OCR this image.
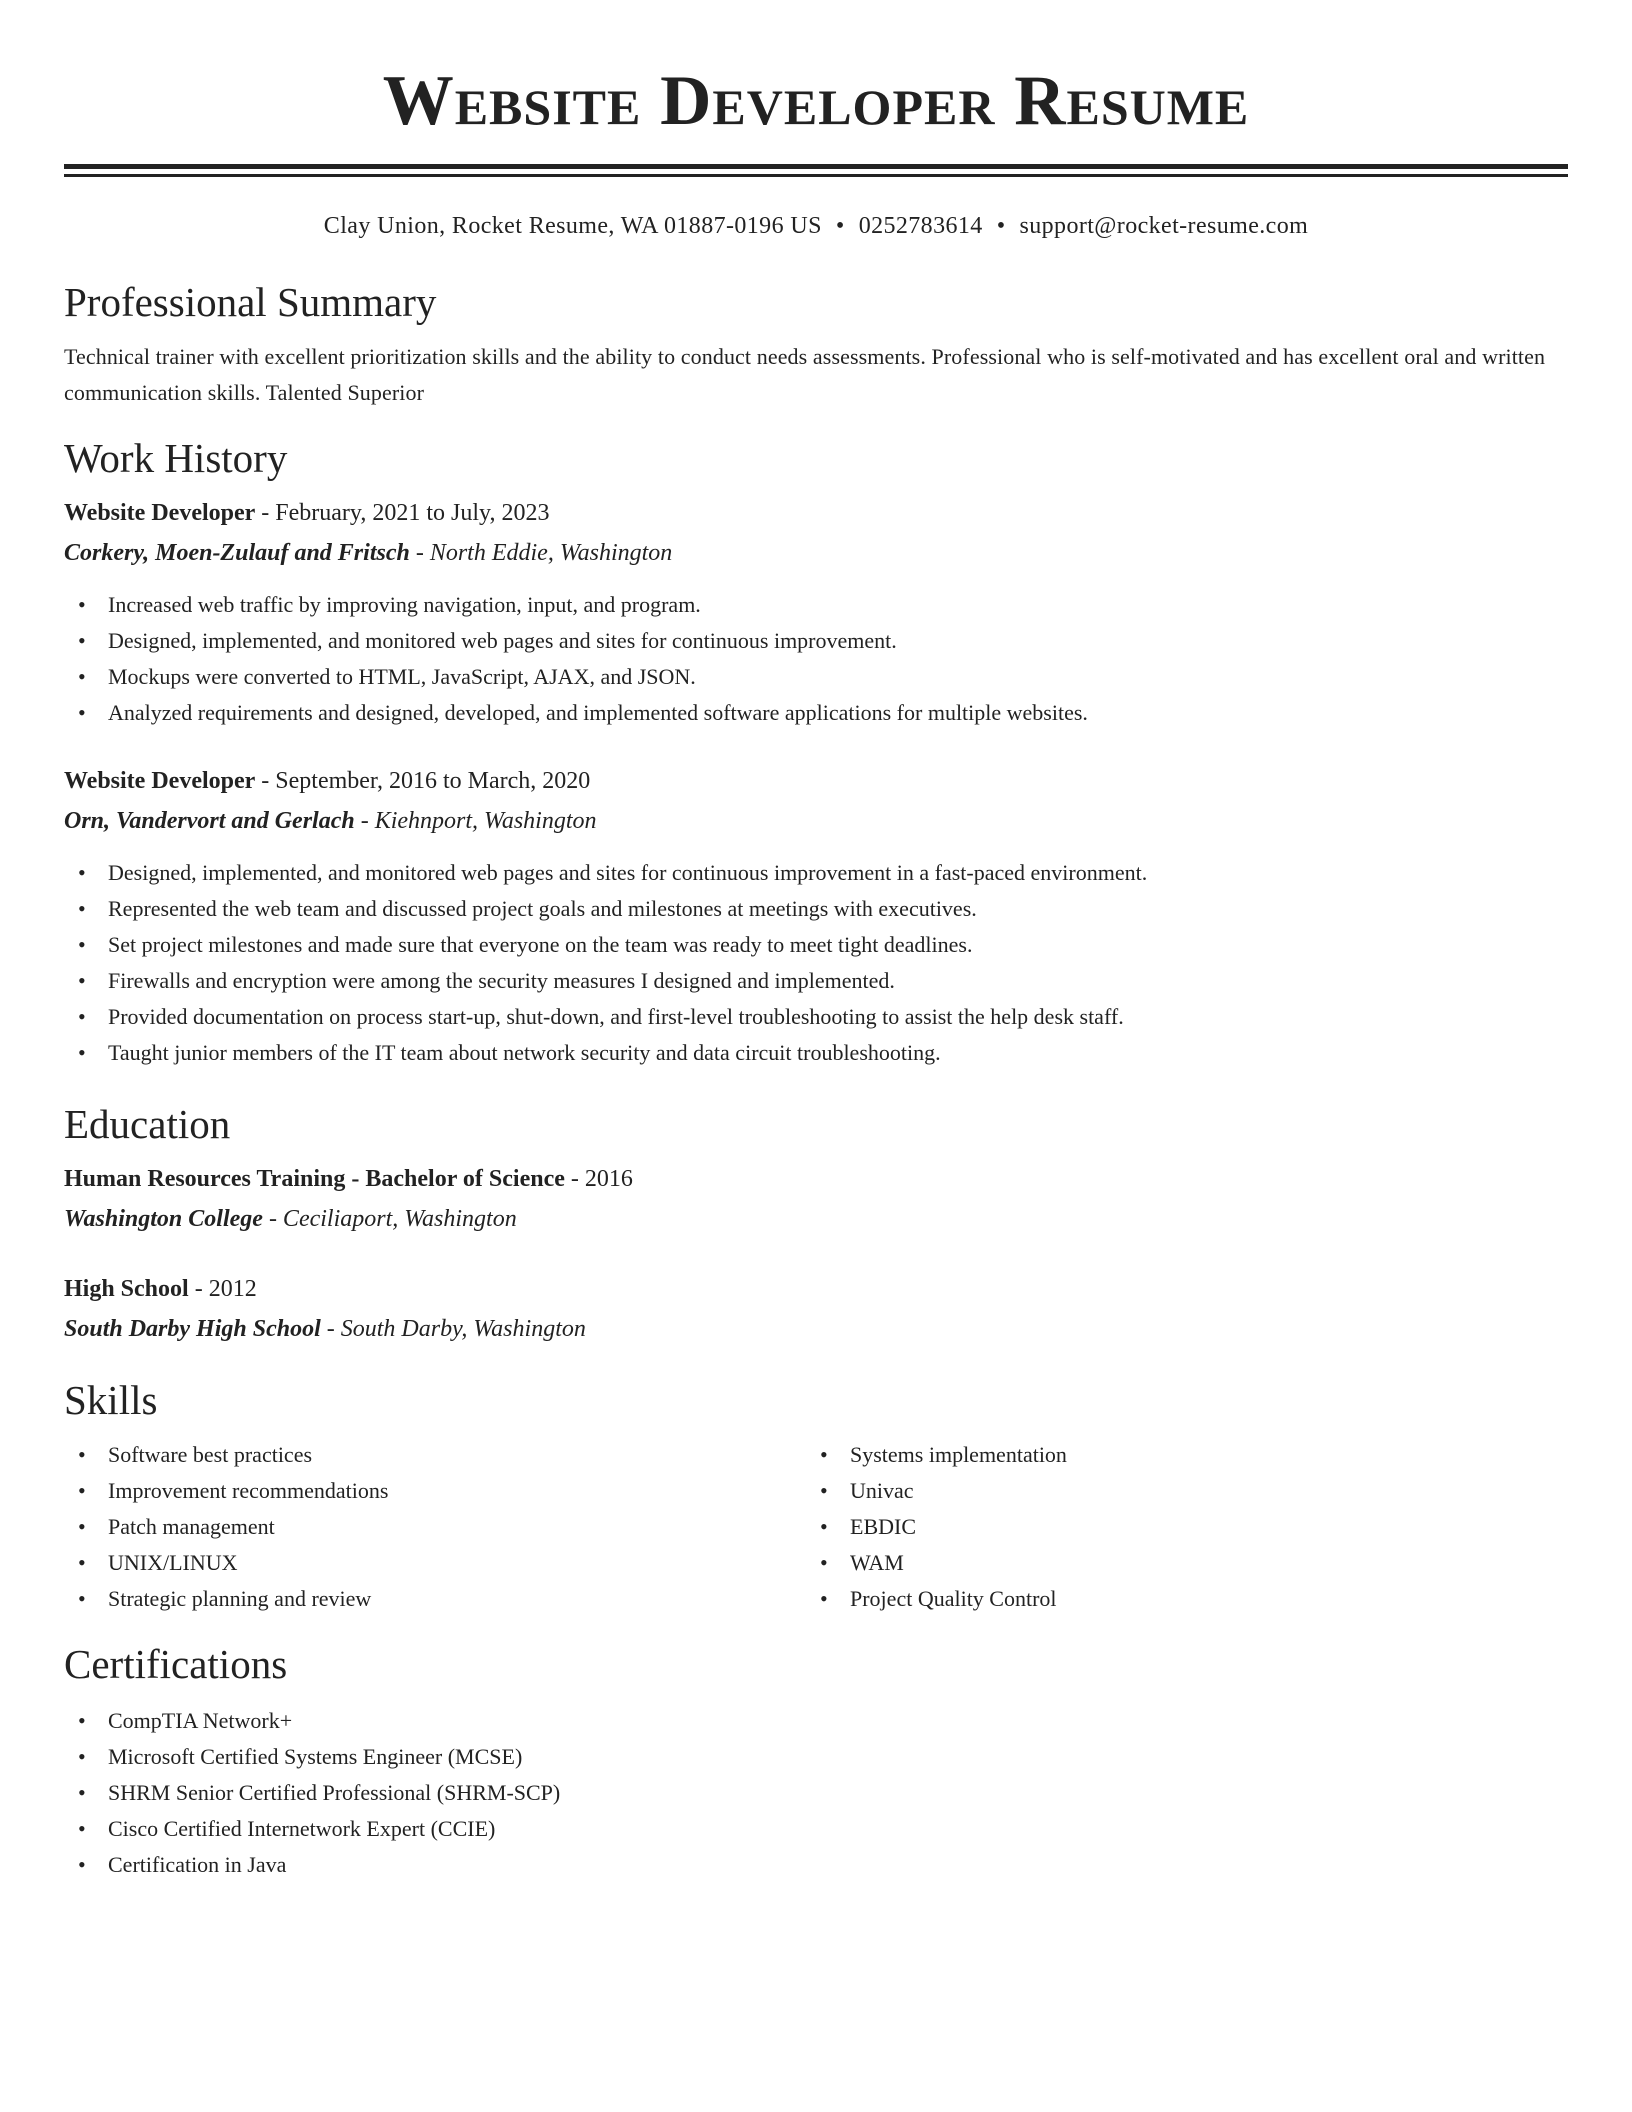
Website Developer Resume
Clay Union, Rocket Resume, WA 01887-0196 US • 0252783614 • support@rocket-resume.com
Professional Summary

Technical trainer with excellent prioritization skills and the ability to conduct needs assessments. Professional who is self-motivated and has excellent oral and written communication skills. Talented Superior

Work History
Website Developer - February, 2021 to July, 2023
Corkery, Moen-Zulauf and Fritsch - North Eddie, Washington
• Increased web traffic by improving navigation, input, and program.
• Designed, implemented, and monitored web pages and sites for continuous improvement.
• Mockups were converted to HTML, JavaScript, AJAX, and JSON.
• Analyzed requirements and designed, developed, and implemented software applications for multiple websites.
Website Developer - September, 2016 to March, 2020
Orn, Vandervort and Gerlach - Kiehnport, Washington
• Designed, implemented, and monitored web pages and sites for continuous improvement in a fast-paced environment.
• Represented the web team and discussed project goals and milestones at meetings with executives.
• Set project milestones and made sure that everyone on the team was ready to meet tight deadlines.
• Firewalls and encryption were among the security measures I designed and implemented.
• Provided documentation on process start-up, shut-down, and first-level troubleshooting to assist the help desk staff.
• Taught junior members of the IT team about network security and data circuit troubleshooting.
Education
Human Resources Training - Bachelor of Science - 2016
Washington College - Ceciliaport, Washington
High School - 2012
South Darby High School - South Darby, Washington
Skills
• Software best practices
• Improvement recommendations
• Patch management
• UNIX/LINUX
• Strategic planning and review
• Systems implementation
• Univac
• EBDIC
• WAM
• Project Quality Control
Certifications
• CompTIA Network+
• Microsoft Certified Systems Engineer (MCSE)
• SHRM Senior Certified Professional (SHRM-SCP)
• Cisco Certified Internetwork Expert (CCIE)
• Certification in Java
